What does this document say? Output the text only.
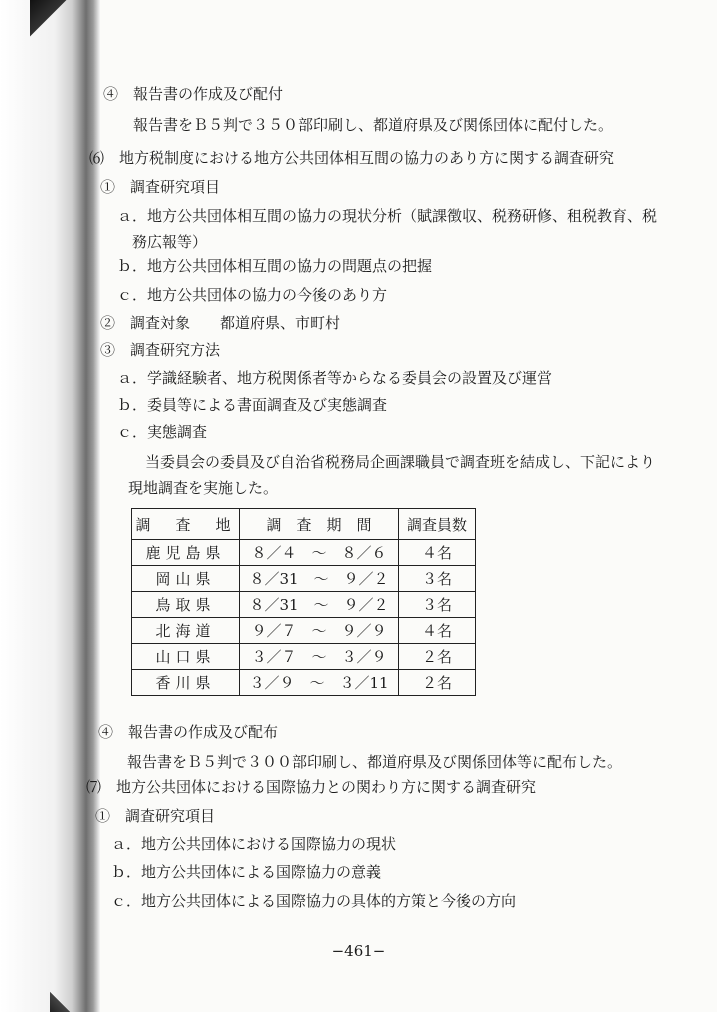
④　報告書の作成及び配付
報告書をＢ５判で３５０部印刷し、都道府県及び関係団体に配付した。
⑹　地方税制度における地方公共団体相互間の協力のあり方に関する調査研究
①　調査研究項目
ａ．地方公共団体相互間の協力の現状分析（賦課徴収、税務研修、租税教育、税
務広報等）
ｂ．地方公共団体相互間の協力の問題点の把握
ｃ．地方公共団体の協力の今後のあり方
②　調査対象　　都道府県、市町村
③　調査研究方法
ａ．学識経験者、地方税関係者等からなる委員会の設置及び運営
ｂ．委員等による書面調査及び実態調査
ｃ．実態調査
当委員会の委員及び自治省税務局企画課職員で調査班を結成し、下記により
現地調査を実施した。
調　査　地	調　査　期　間	調査員数
鹿児島県	８／４　～　８／６	４名
岡山県	８／31　～　９／２	３名
鳥取県	８／31　～　９／２	３名
北海道	９／７　～　９／９	４名
山口県	３／７　～　３／９	２名
香川県	３／９　～　３／11	２名
④　報告書の作成及び配布
報告書をＢ５判で３００部印刷し、都道府県及び関係団体等に配布した。
⑺　地方公共団体における国際協力との関わり方に関する調査研究
①　調査研究項目
ａ．地方公共団体における国際協力の現状
ｂ．地方公共団体による国際協力の意義
ｃ．地方公共団体による国際協力の具体的方策と今後の方向
−461−
